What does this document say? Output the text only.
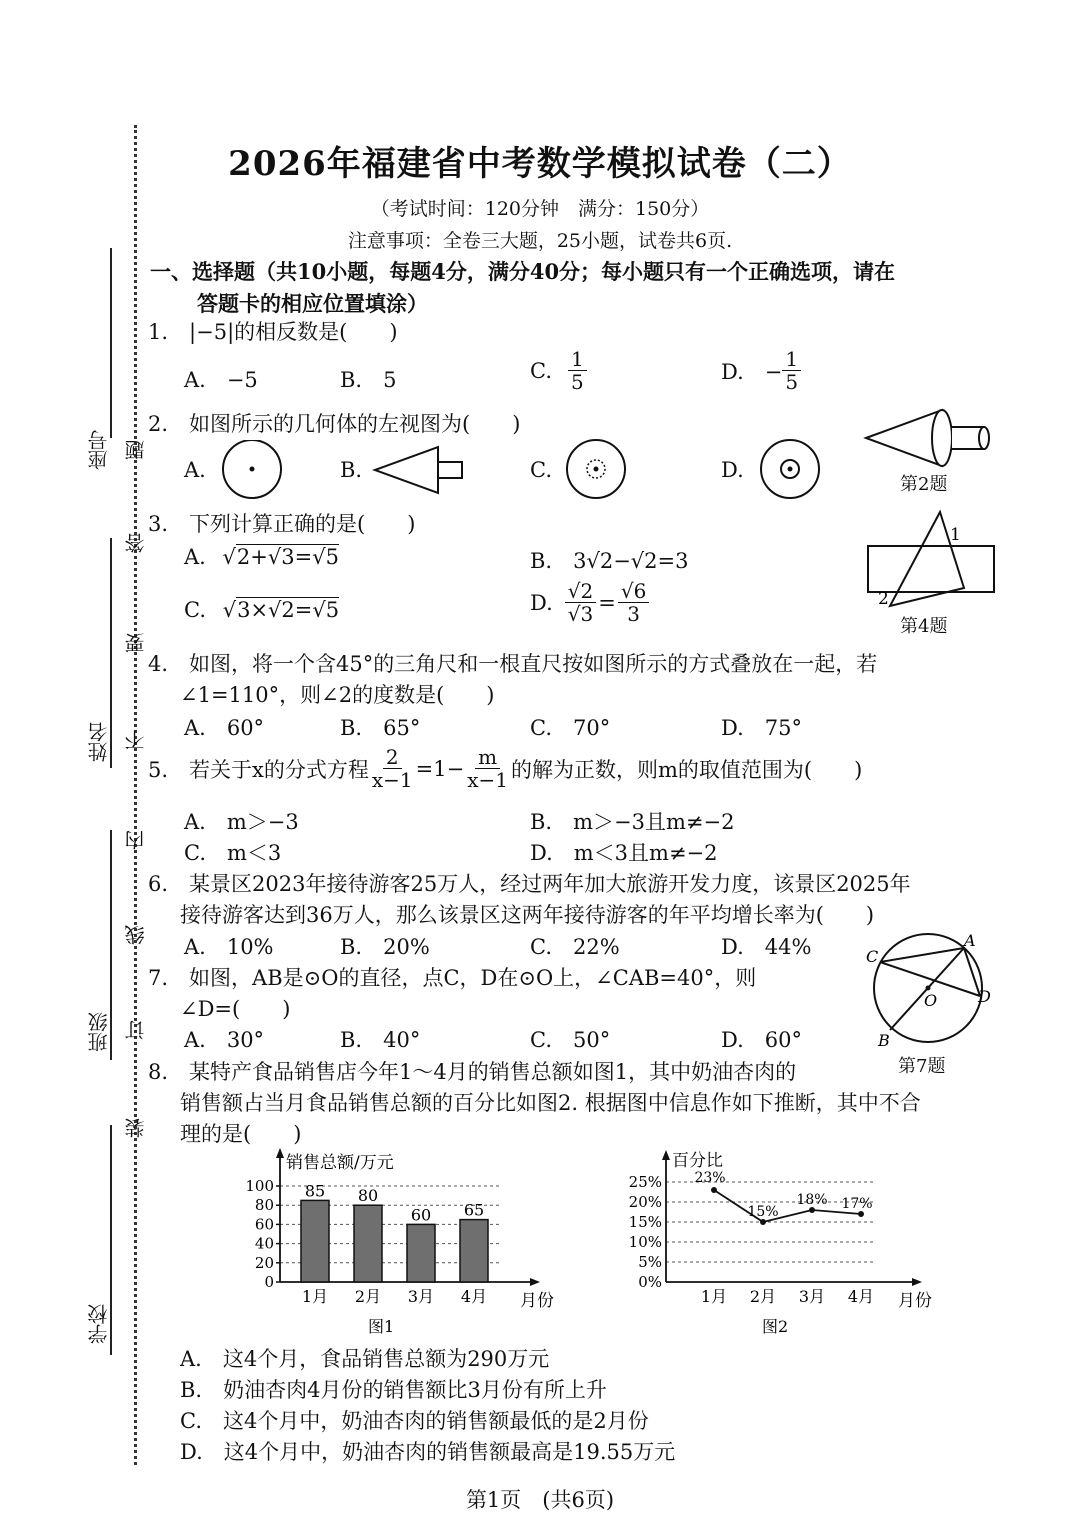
座号
姓名
班级
学校
题
答
要
不
内
线
订
装
2026年福建省中考数学模拟试卷（二）
（考试时间：120分钟　满分：150分）
注意事项：全卷三大题，25小题，试卷共6页.
一、选择题（共10小题，每题4分，满分40分；每小题只有一个正确选项，请在
答题卡的相应位置填涂）
1.　|−5|的相反数是(　　)
A.　−5	B.　5	C. $\frac{1}{5}$	D.　− $\frac{1}{5}$
2.　如图所示的几何体的左视图为(　　)
A.	B.	C.	D.
第2题
3.　下列计算正确的是(　　)
A. √2+√3=√5	B.　3√2−√2=3
C. √3×√2=√5	D. $\frac{√2}{√3} = \frac{√6}{3}$
1
2
第4题
4.　如图，将一个含45°的三角尺和一根直尺按如图所示的方式叠放在一起，若
∠1=110°，则∠2的度数是(　　)
A.　60°	B.　65°	C.　70°	D.　75°
5.　若关于x的分式方程 $\frac{2}{x-1} =1- \frac{m}{x-1}$ 的解为正数，则m的取值范围为(　　)
A.　m＞−3	B.　m＞−3且m≠−2
C.　m＜3	D.　m＜3且m≠−2
6.　某景区2023年接待游客25万人，经过两年加大旅游开发力度，该景区2025年
接待游客达到36万人，那么该景区这两年接待游客的年平均增长率为(　　)
A.　10%	B.　20%	C.　22%	D.　44%
7.　如图，AB是⊙O的直径，点C，D在⊙O上，∠CAB=40°，则
∠D=(　　)
A.　30°	B.　40°	C.　50°	D.　60°
A
B
C
D
O
第7题
8.　某特产食品销售店今年1～4月的销售总额如图1，其中奶油杏肉的
销售额占当月食品销售总额的百分比如图2. 根据图中信息作如下推断，其中不合
理的是(　　)
0
20
40
60
80
100
销售总额/万元
月份
图1
85
1月
80
2月
60
3月
65
4月
0%
5%
10%
15%
20%
25%
百分比
月份
图2
23%
1月
15%
2月
18%
3月
17%
4月
A.　这4个月，食品销售总额为290万元
B.　奶油杏肉4月份的销售额比3月份有所上升
C.　这4个月中，奶油杏肉的销售额最低的是2月份
D.　这4个月中，奶油杏肉的销售额最高是19.55万元
第1页　(共6页)
